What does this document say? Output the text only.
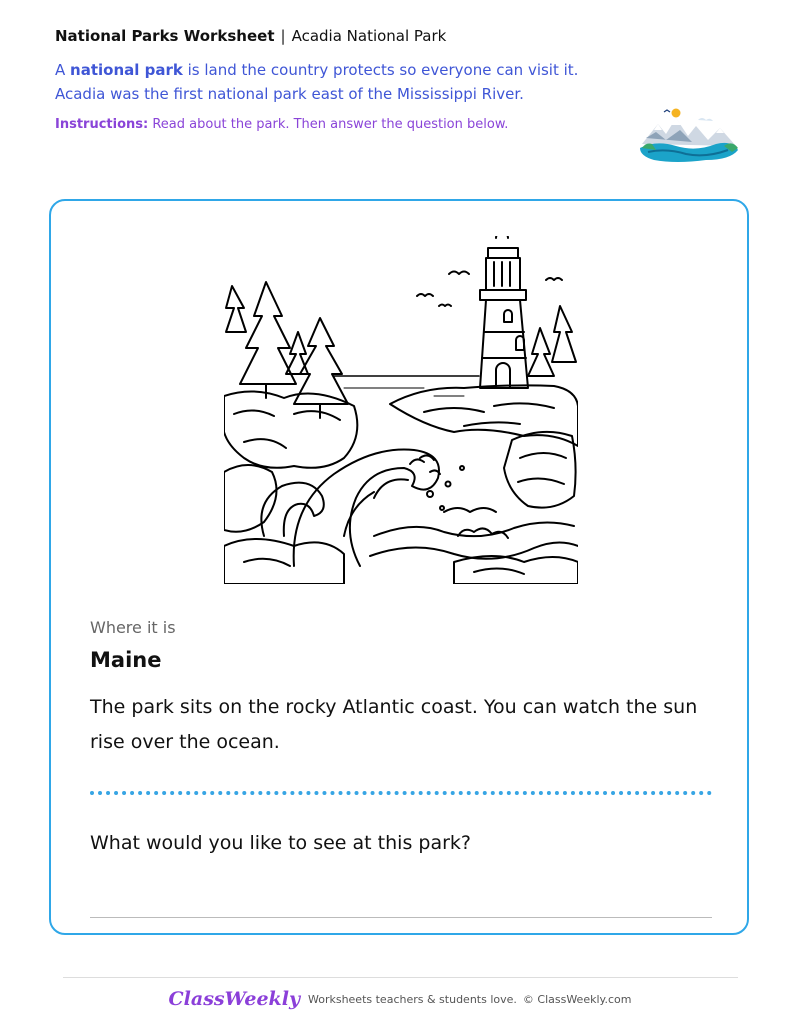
National Parks Worksheet | Acadia National Park
A national park is land the country protects so everyone can visit it.
Acadia was the first national park east of the Mississippi River.
Instructions: Read about the park. Then answer the question below.
Where it is
Maine
The park sits on the rocky Atlantic coast. You can watch the sun rise over the ocean.
What would you like to see at this park?
ClassWeekly Worksheets teachers & students love. © ClassWeekly.com
